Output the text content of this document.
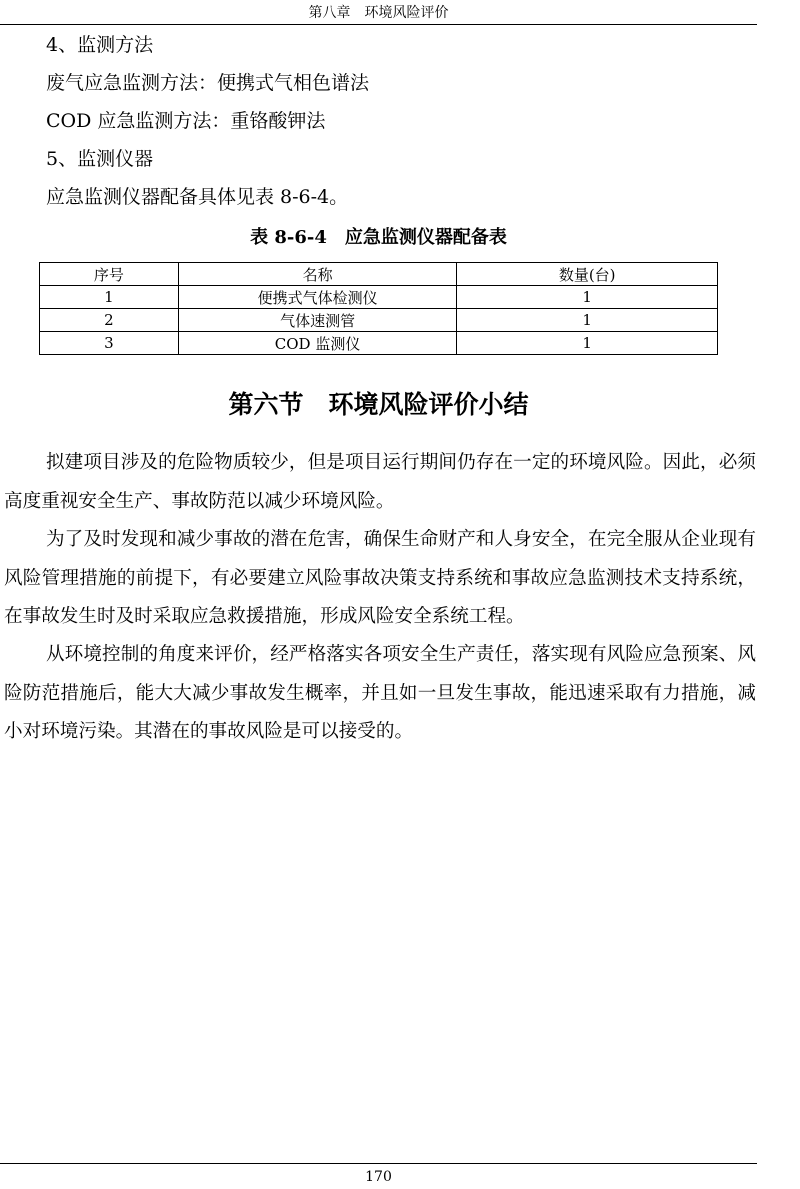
第八章　环境风险评价
4、监测方法
废气应急监测方法：便携式气相色谱法
COD 应急监测方法：重铬酸钾法
5、监测仪器
应急监测仪器配备具体见表 8-6-4。
表 8-6-4　应急监测仪器配备表
序号	名称	数量(台)
1	便携式气体检测仪	1
2	气体速测管	1
3	COD 监测仪	1
第六节　环境风险评价小结

拟建项目涉及的危险物质较少，但是项目运行期间仍存在一定的环境风险。因此，必须高度重视安全生产、事故防范以减少环境风险。

为了及时发现和减少事故的潜在危害，确保生命财产和人身安全，在完全服从企业现有风险管理措施的前提下，有必要建立风险事故决策支持系统和事故应急监测技术支持系统，在事故发生时及时采取应急救援措施，形成风险安全系统工程。

从环境控制的角度来评价，经严格落实各项安全生产责任，落实现有风险应急预案、风险防范措施后，能大大减少事故发生概率，并且如一旦发生事故，能迅速采取有力措施，减小对环境污染。其潜在的事故风险是可以接受的。

170
